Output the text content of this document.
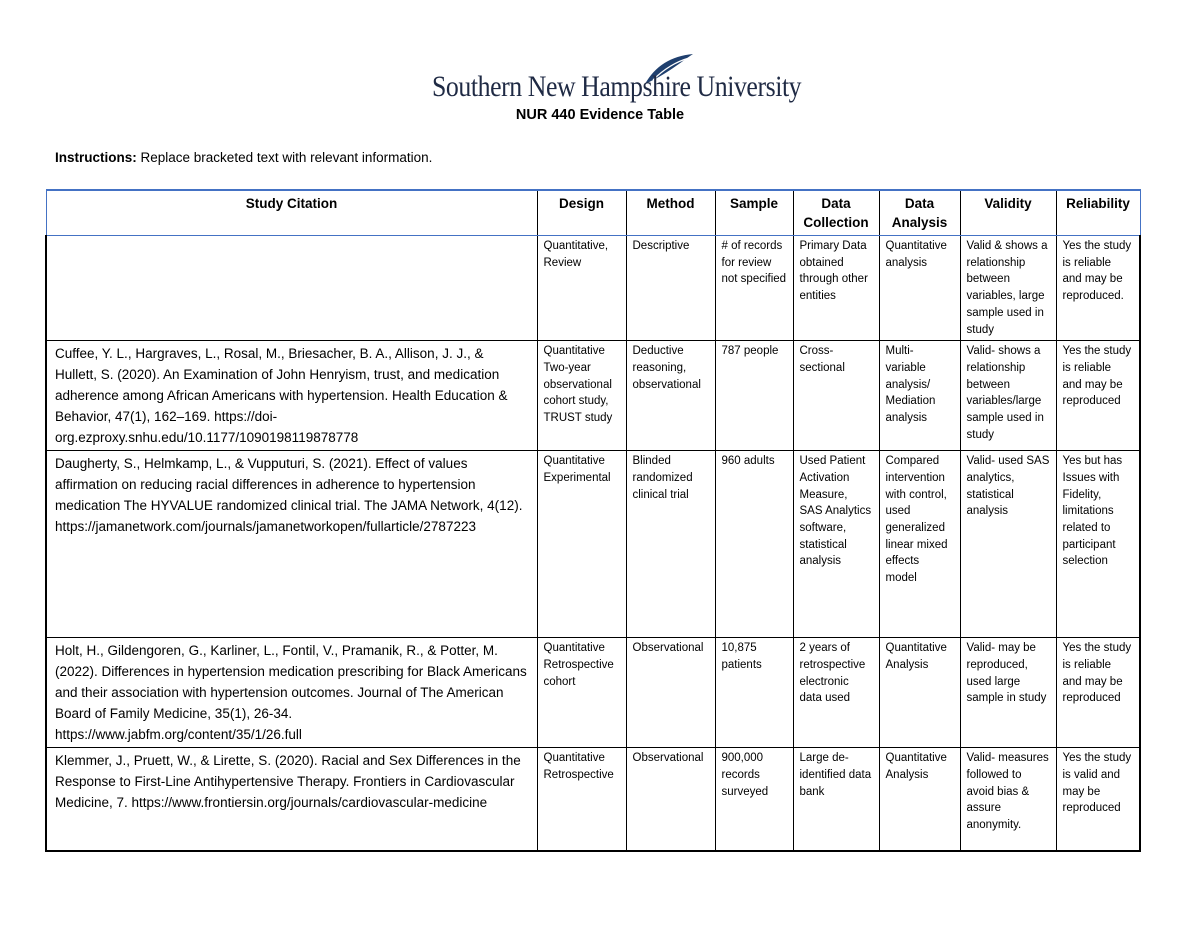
Southern New Hampshire University
NUR 440 Evidence Table
Instructions: Replace bracketed text with relevant information.
Study Citation	Design	Method	Sample	Data Collection	Data Analysis	Validity	Reliability
	Quantitative, Review	Descriptive	# of records for review not specified	Primary Data obtained through other entities	Quantitative analysis	Valid & shows a relationship between variables, large sample used in study	Yes the study is reliable and may be reproduced.
Cuffee, Y. L., Hargraves, L., Rosal, M., Briesacher, B. A., Allison, J. J., & Hullett, S. (2020). An Examination of John Henryism, trust, and medication adherence among African Americans with hypertension. Health Education & Behavior, 47(1), 162–169. https://doi-org.ezproxy.snhu.edu/10.1177/1090198119878778	Quantitative Two-year observational cohort study, TRUST study	Deductive reasoning, observational	787 people	Cross-sectional	Multi-variable analysis/ Mediation analysis	Valid- shows a relationship between variables/large sample used in study	Yes the study is reliable and may be reproduced
Daugherty, S., Helmkamp, L., & Vupputuri, S. (2021). Effect of values affirmation on reducing racial differences in adherence to hypertension medication The HYVALUE randomized clinical trial. The JAMA Network, 4(12). https://jamanetwork.com/journals/jamanetworkopen/fullarticle/2787223	Quantitative Experimental	Blinded randomized clinical trial	960 adults	Used Patient Activation Measure, SAS Analytics software, statistical analysis	Compared intervention with control, used generalized linear mixed effects model	Valid- used SAS analytics, statistical analysis	Yes but has Issues with Fidelity, limitations related to participant selection
Holt, H., Gildengoren, G., Karliner, L., Fontil, V., Pramanik, R., & Potter, M. (2022). Differences in hypertension medication prescribing for Black Americans and their association with hypertension outcomes. Journal of The American Board of Family Medicine, 35(1), 26-34. https://www.jabfm.org/content/35/1/26.full	Quantitative Retrospective cohort	Observational	10,875 patients	2 years of retrospective electronic data used	Quantitative Analysis	Valid- may be reproduced, used large sample in study	Yes the study is reliable and may be reproduced
Klemmer, J., Pruett, W., & Lirette, S. (2020). Racial and Sex Differences in the Response to First-Line Antihypertensive Therapy. Frontiers in Cardiovascular Medicine, 7. https://www.frontiersin.org/journals/cardiovascular-medicine	Quantitative Retrospective	Observational	900,000 records surveyed	Large de-identified data bank	Quantitative Analysis	Valid- measures followed to avoid bias & assure anonymity.	Yes the study is valid and may be reproduced
